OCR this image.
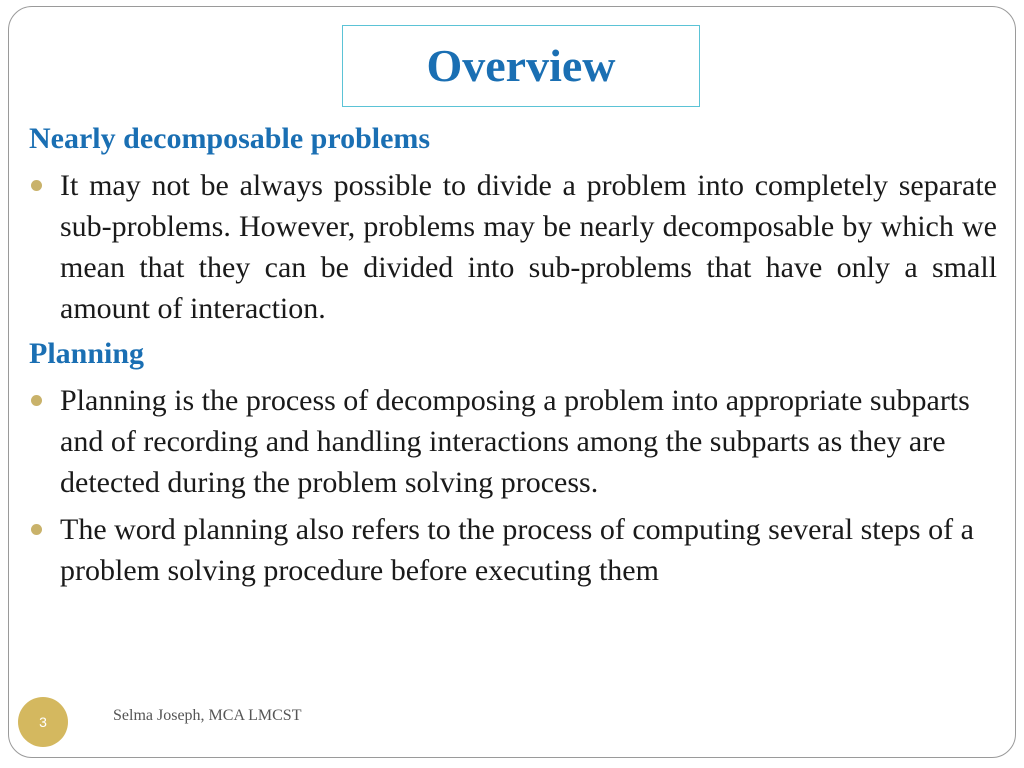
Overview

Nearly decomposable problems

It may not be always possible to divide a problem into completely separate sub-problems. However, problems may be nearly decomposable by which we mean that they can be divided into sub-problems that have only a small amount of interaction.

Planning

Planning is the process of decomposing a problem into appropriate subparts and of recording and handling interactions among the subparts as they are detected during the problem solving process.
The word planning also refers to the process of computing several steps of a problem solving procedure before executing them
3	Selma Joseph, MCA LMCST
